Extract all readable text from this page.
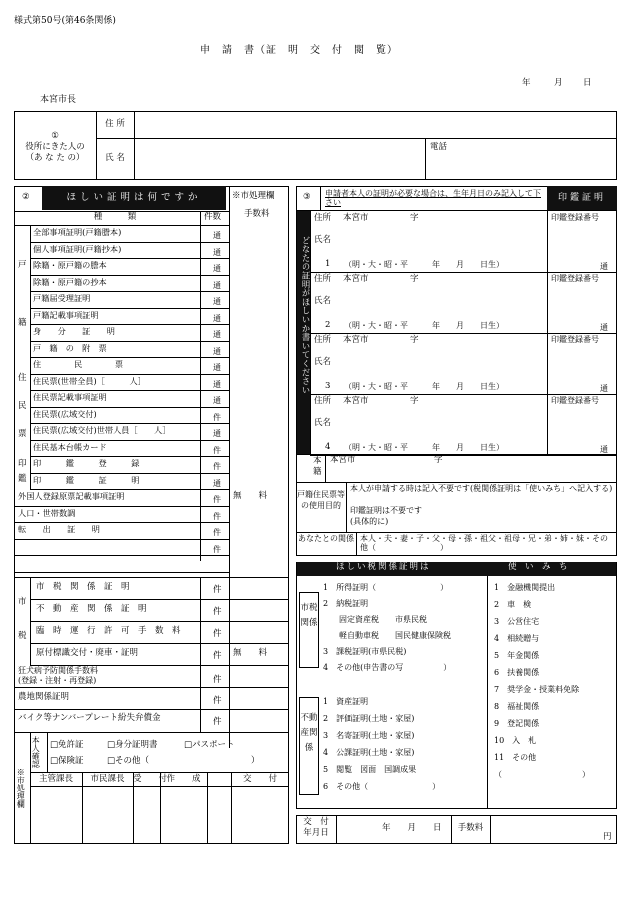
様式第50号(第46条関係)
申　請　書（証　明　交　付　閲　覧）
年	月 日
本宮市長
①
役所にきた人の
（あ な た の）
住 所
氏 名
電話
②	ほしい証明は何ですか	※市処理欄
手数料
種　　　類	件数
戸
籍
住
民
票
印
鑑
全部事項証明(戸籍謄本)	通
個人事項証明(戸籍抄本)	通
除籍・原戸籍の謄本	通
除籍・原戸籍の抄本	通
戸籍届受理証明	通
戸籍記載事項証明	通
身　　分　　証　　明	通
戸　籍　の　附　票	通
住　　　　民　　　　票	通
住民票(世帯全員)［　　　人］	通
住民票記載事項証明	通
住民票(広域交付)	件
住民票(広域交付)世帯人員［　　人］	通
住民基本台帳カード	件
印　　　鑑　　　登　　　録	件
印　　　鑑　　　証　　　明	通
外国人登録原票記載事項証明	件
人口・世帯数調	件
転　　出　　証　　明	件
件
無　　料
市
税
市　税　関　係　証　明	件
不　動　産　関　係　証　明	件
臨　時　運　行　許　可　手　数　料	件
原付標識交付・廃車・証明	件 無　　料
狂犬病予防関係手数料
(登録・注射・再登録)	件
農地関係証明	件
バイク等ナンバープレート紛失弁償金	件
本人確認
※市処理欄
□免許証	□身分証明書	□パスポート
□保険証	□その他（　　　　　　　　　　　　）
主管課長	市民課長	受　　付 作　　成	交　　付
③ 申請者本人の証明が必要な場合は、生年月日のみ記入して下さい	印鑑証明
どなたの証明がほしいか書いてください
住所 本宮市	字
氏名
1 （明・大・昭・平　　　年　　月　　日生）
印鑑登録番号
通
住所 本宮市	字
氏名
2 （明・大・昭・平　　　年　　月　　日生）
印鑑登録番号
通
住所 本宮市	字
氏名
3 （明・大・昭・平　　　年　　月　　日生）
印鑑登録番号
通
住所 本宮市	字
氏名
4 （明・大・昭・平　　　年　　月　　日生）
印鑑登録番号
通
本
籍
本宮市	字
戸籍住民票等の使用目的
本人が申請する時は記入不要です(税関係証明は「使いみち」へ記入する)
印鑑証明は不要です
(具体的に)
あなたとの関係 本人・夫・妻・子・父・母・孫・祖父・祖母・兄・弟・姉・妹・その他（　　　　　　　　）
ほしい税関係証明は	使　い　み　ち
市税関係
不動産関係
1　所得証明（　　　　　　　　）
2　納税証明
　　固定資産税　　市県民税
　　軽自動車税　　国民健康保険税
3　課税証明(市県民税)
4　その他(申告書の写　　　　　）
1　資産証明
2　評価証明(土地・家屋)
3　名寄証明(土地・家屋)
4　公課証明(土地・家屋)
5　閲覧　図面　国調成果
6　その他（　　　　　　　　）
1　金融機関提出
2　車　検
3　公営住宅
4　相続贈与
5　年金関係
6　扶養関係
7　奨学金・授業料免除
8　福祉関係
9　登記関係
10　入　札
11　その他
（　　　　　　　　　　）
交　付
年月日	年　　月　　日	手数料
円
